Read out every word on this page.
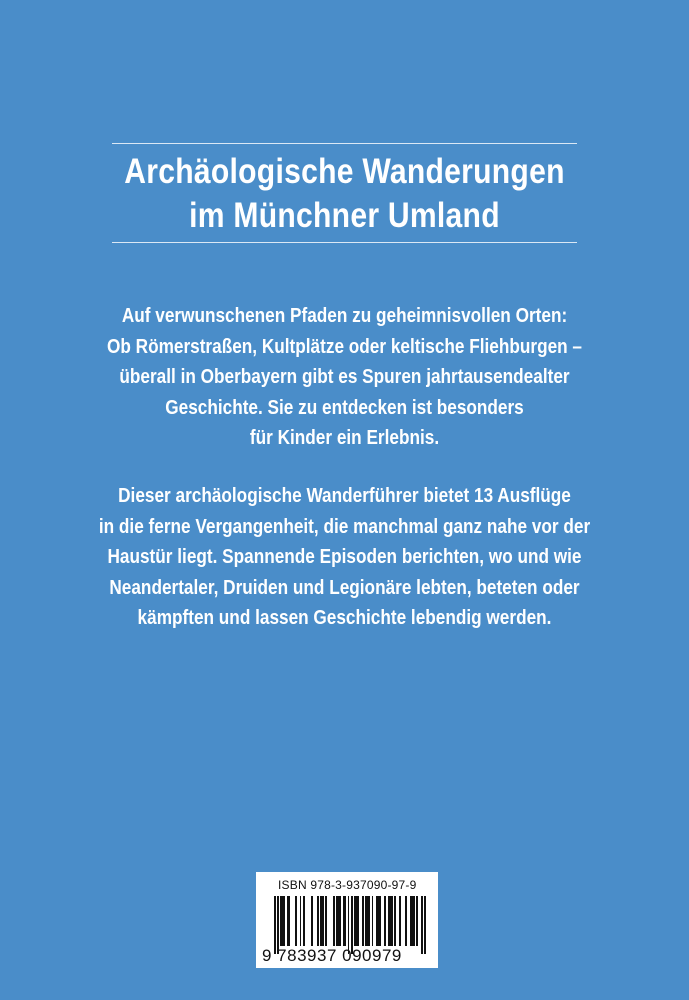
Archäologische Wanderungen
im Münchner Umland
Auf verwunschenen Pfaden zu geheimnisvollen Orten:
Ob Römerstraßen, Kultplätze oder keltische Fliehburgen –
überall in Oberbayern gibt es Spuren jahrtausendealter
Geschichte. Sie zu entdecken ist besonders
für Kinder ein Erlebnis.
Dieser archäologische Wanderführer bietet 13 Ausflüge
in die ferne Vergangenheit, die manchmal ganz nahe vor der
Haustür liegt. Spannende Episoden berichten, wo und wie
Neandertaler, Druiden und Legionäre lebten, beteten oder
kämpften und lassen Geschichte lebendig werden.
ISBN 978-3-937090-97-9
9 783937 090979
